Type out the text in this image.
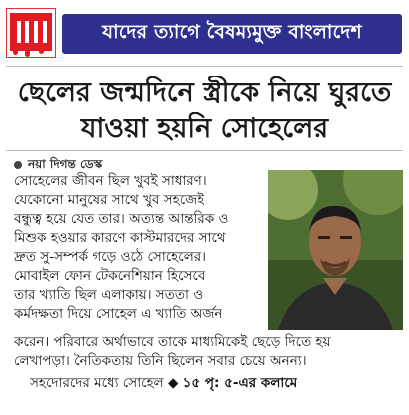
যাদের ত্যাগে বৈষম্যমুক্ত বাংলাদেশ
ছেলের জন্মদিনে স্ত্রীকে নিয়ে ঘুরতে
যাওয়া হয়নি সোহেলের
নয়া দিগন্ত ডেস্ক
সোহেলের জীবন ছিল খুবই সাধারণ।
যেকোনো মানুষের সাথে খুব সহজেই
বন্ধুত্ব হয়ে যেত তার। অত্যন্ত আন্তরিক ও
মিশুক হওয়ার কারণে কাস্টমারদের সাথে
দ্রুত সু-সম্পর্ক গড়ে ওঠে সোহেলের।
মোবাইল ফোন টেকনেশিয়ান হিসেবে
তার খ্যাতি ছিল এলাকায়। সততা ও
কর্মদক্ষতা দিয়ে সোহেল এ খ্যাতি অর্জন
করেন। পরিবারে অর্থাভাবে তাকে মাধ্যমিকেই ছেড়ে দিতে হয়
লেখাপড়া। নৈতিকতায় তিনি ছিলেন সবার চেয়ে অনন্য।
সহদোরদের মধ্যে সোহেল ◆ ১৫ পৃ: ৫-এর কলামে
